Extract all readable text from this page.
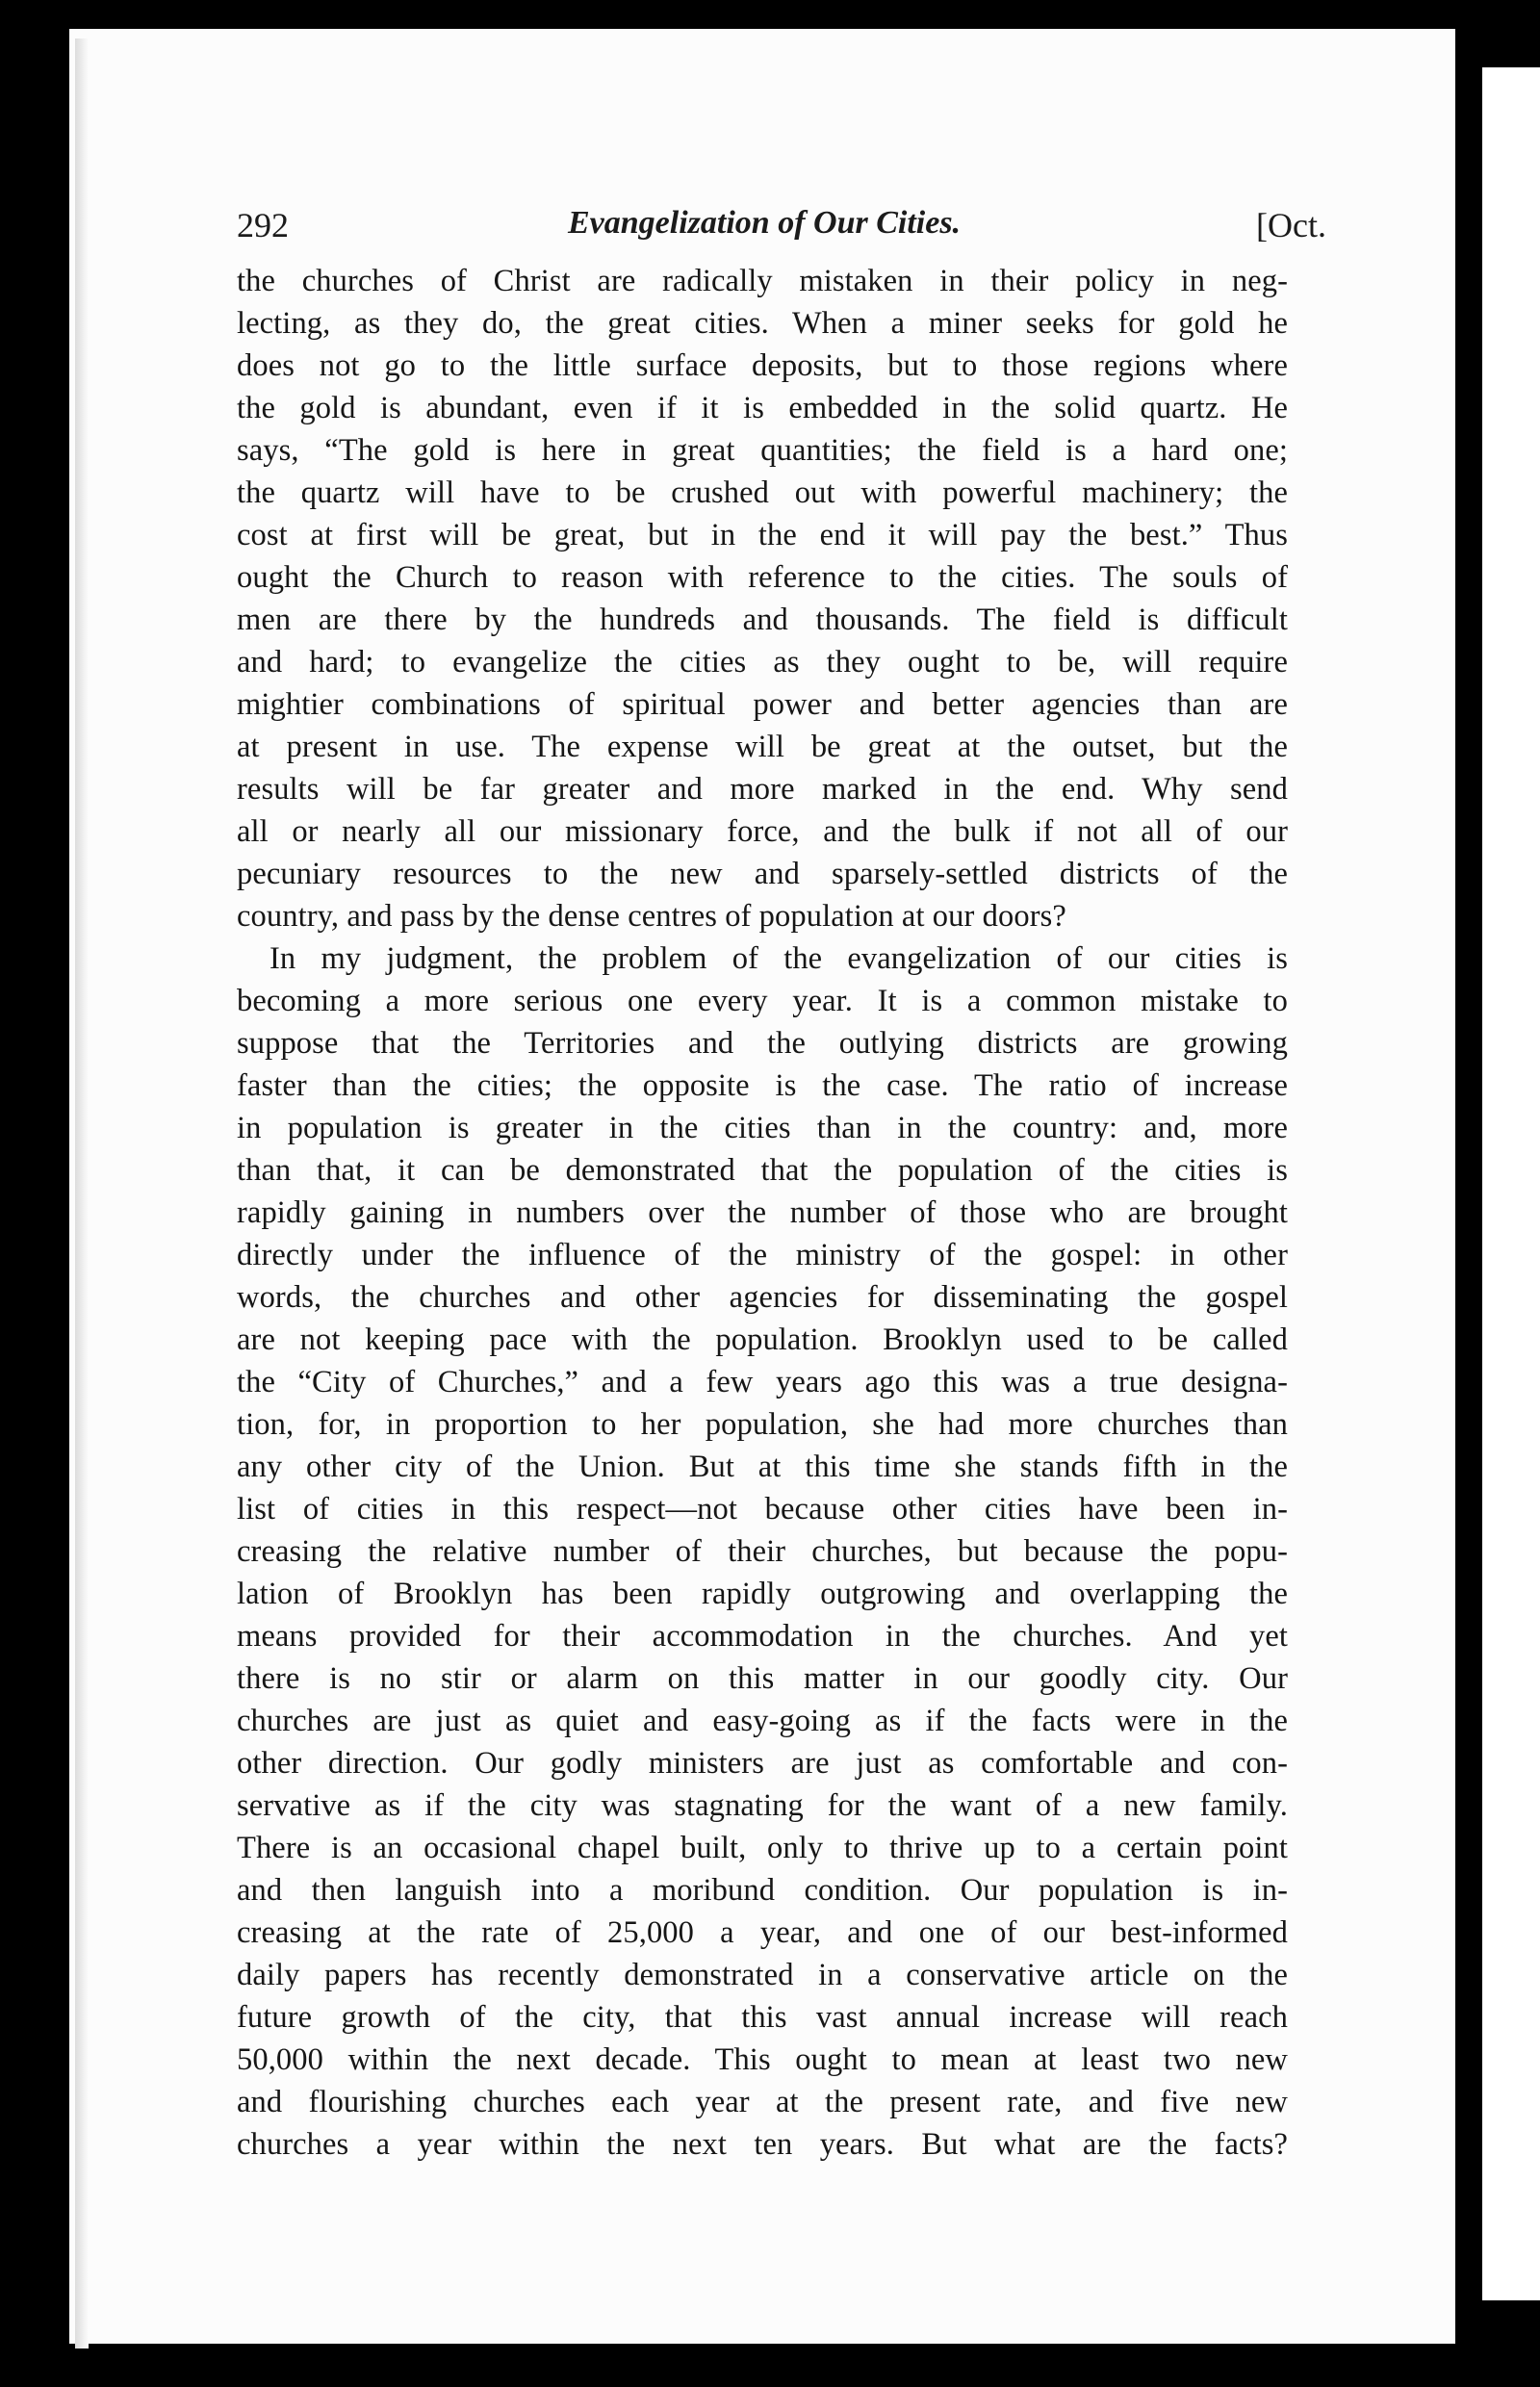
292	Evangelization of Our Cities.	[Oct.
the churches of Christ are radically mistaken in their policy in neg-
lecting, as they do, the great cities. When a miner seeks for gold he
does not go to the little surface deposits, but to those regions where
the gold is abundant, even if it is embedded in the solid quartz. He
says, “The gold is here in great quantities; the field is a hard one;
the quartz will have to be crushed out with powerful machinery; the
cost at first will be great, but in the end it will pay the best.” Thus
ought the Church to reason with reference to the cities. The souls of
men are there by the hundreds and thousands. The field is difficult
and hard; to evangelize the cities as they ought to be, will require
mightier combinations of spiritual power and better agencies than are
at present in use. The expense will be great at the outset, but the
results will be far greater and more marked in the end. Why send
all or nearly all our missionary force, and the bulk if not all of our
pecuniary resources to the new and sparsely-settled districts of the
country, and pass by the dense centres of population at our doors?
In my judgment, the problem of the evangelization of our cities is
becoming a more serious one every year. It is a common mistake to
suppose that the Territories and the outlying districts are growing
faster than the cities; the opposite is the case. The ratio of increase
in population is greater in the cities than in the country: and, more
than that, it can be demonstrated that the population of the cities is
rapidly gaining in numbers over the number of those who are brought
directly under the influence of the ministry of the gospel: in other
words, the churches and other agencies for disseminating the gospel
are not keeping pace with the population. Brooklyn used to be called
the “City of Churches,” and a few years ago this was a true designa-
tion, for, in proportion to her population, she had more churches than
any other city of the Union. But at this time she stands fifth in the
list of cities in this respect—not because other cities have been in-
creasing the relative number of their churches, but because the popu-
lation of Brooklyn has been rapidly outgrowing and overlapping the
means provided for their accommodation in the churches. And yet
there is no stir or alarm on this matter in our goodly city. Our
churches are just as quiet and easy-going as if the facts were in the
other direction. Our godly ministers are just as comfortable and con-
servative as if the city was stagnating for the want of a new family.
There is an occasional chapel built, only to thrive up to a certain point
and then languish into a moribund condition. Our population is in-
creasing at the rate of 25,000 a year, and one of our best-informed
daily papers has recently demonstrated in a conservative article on the
future growth of the city, that this vast annual increase will reach
50,000 within the next decade. This ought to mean at least two new
and flourishing churches each year at the present rate, and five new
churches a year within the next ten years. But what are the facts?
